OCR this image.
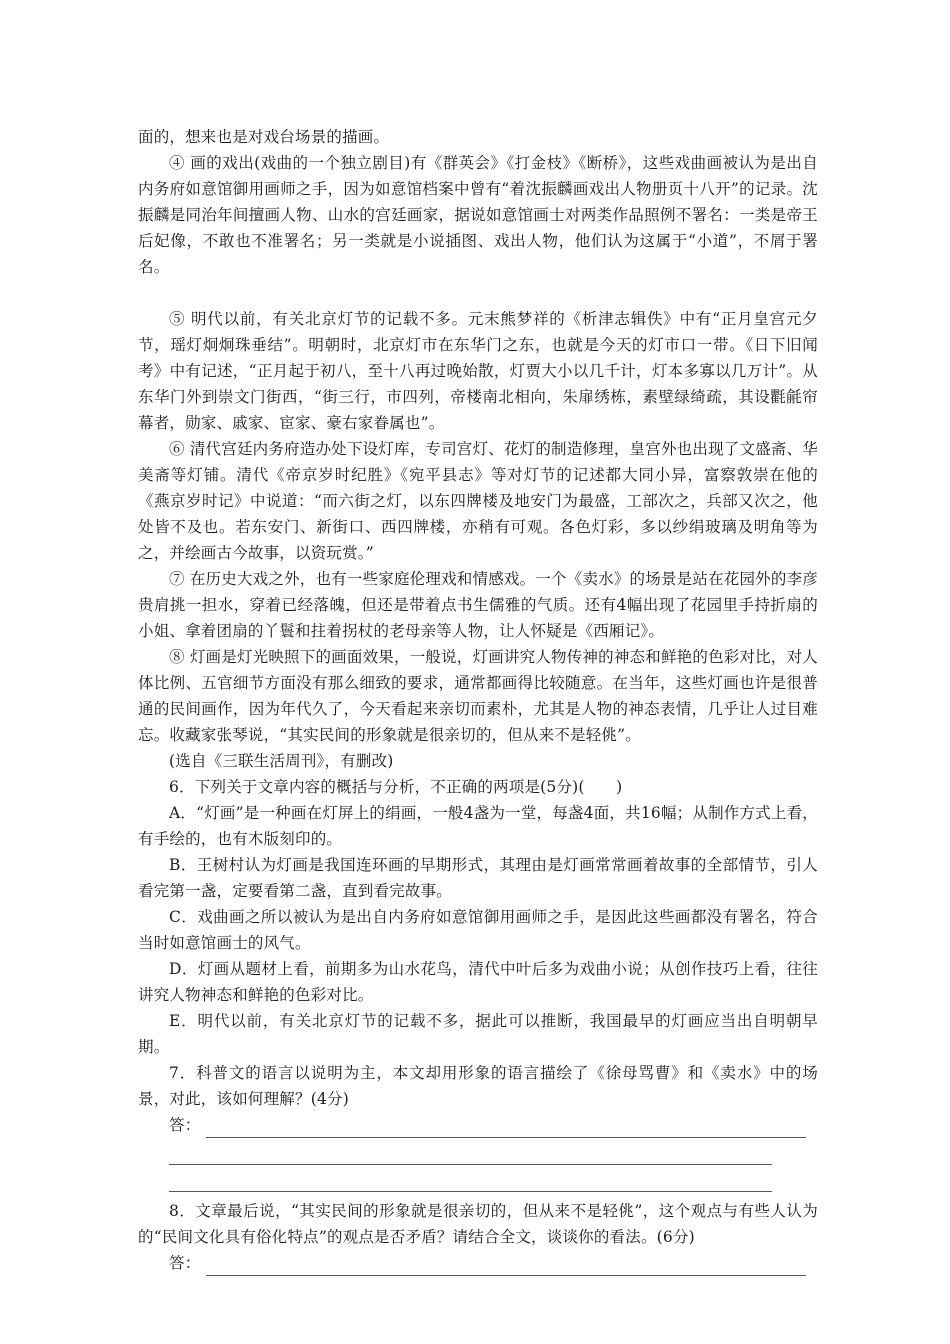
面的，想来也是对戏台场景的描画。

④ 画的戏出(戏曲的一个独立剧目)有《群英会》《打金枝》《断桥》，这些戏曲画被认为是出自内务府如意馆御用画师之手，因为如意馆档案中曾有“着沈振麟画戏出人物册页十八开”的记录。沈振麟是同治年间擅画人物、山水的宫廷画家，据说如意馆画士对两类作品照例不署名：一类是帝王后妃像，不敢也不准署名；另一类就是小说插图、戏出人物，他们认为这属于“小道”，不屑于署名。

⑤ 明代以前，有关北京灯节的记载不多。元末熊梦祥的《析津志辑佚》中有“正月皇宫元夕节，瑶灯炯炯珠垂结”。明朝时，北京灯市在东华门之东，也就是今天的灯市口一带。《日下旧闻考》中有记述，“正月起于初八，至十八再过晚始散，灯贾大小以几千计，灯本多寡以几万计”。从东华门外到崇文门街西，“街三行，市四列，帝楼南北相向，朱扉绣栋，素壁绿绮疏，其设氍毹帘幕者，勋家、戚家、宦家、豪右家眷属也”。

⑥ 清代宫廷内务府造办处下设灯库，专司宫灯、花灯的制造修理，皇宫外也出现了文盛斋、华美斋等灯铺。清代《帝京岁时纪胜》《宛平县志》等对灯节的记述都大同小异，富察敦崇在他的《燕京岁时记》中说道：“而六街之灯，以东四牌楼及地安门为最盛，工部次之，兵部又次之，他处皆不及也。若东安门、新街口、西四牌楼，亦稍有可观。各色灯彩，多以纱绢玻璃及明角等为之，并绘画古今故事，以资玩赏。”

⑦ 在历史大戏之外，也有一些家庭伦理戏和情感戏。一个《卖水》的场景是站在花园外的李彦贵肩挑一担水，穿着已经落魄，但还是带着点书生儒雅的气质。还有4幅出现了花园里手持折扇的小姐、拿着团扇的丫鬟和拄着拐杖的老母亲等人物，让人怀疑是《西厢记》。

⑧ 灯画是灯光映照下的画面效果，一般说，灯画讲究人物传神的神态和鲜艳的色彩对比，对人体比例、五官细节方面没有那么细致的要求，通常都画得比较随意。在当年，这些灯画也许是很普通的民间画作，因为年代久了，今天看起来亲切而素朴，尤其是人物的神态表情，几乎让人过目难忘。收藏家张琴说，“其实民间的形象就是很亲切的，但从来不是轻佻”。

(选自《三联生活周刊》，有删改)

6．下列关于文章内容的概括与分析，不正确的两项是(5分)(　　)

A．“灯画”是一种画在灯屏上的绢画，一般4盏为一堂，每盏4面，共16幅；从制作方式上看，有手绘的，也有木版刻印的。

B．王树村认为灯画是我国连环画的早期形式，其理由是灯画常常画着故事的全部情节，引人看完第一盏，定要看第二盏，直到看完故事。

C．戏曲画之所以被认为是出自内务府如意馆御用画师之手，是因此这些画都没有署名，符合当时如意馆画士的风气。

D．灯画从题材上看，前期多为山水花鸟，清代中叶后多为戏曲小说；从创作技巧上看，往往讲究人物神态和鲜艳的色彩对比。

E．明代以前，有关北京灯节的记载不多，据此可以推断，我国最早的灯画应当出自明朝早期。

7．科普文的语言以说明为主，本文却用形象的语言描绘了《徐母骂曹》和《卖水》中的场景，对此，该如何理解？(4分)

答：

8．文章最后说，“其实民间的形象就是很亲切的，但从来不是轻佻”，这个观点与有些人认为的“民间文化具有俗化特点”的观点是否矛盾？请结合全文，谈谈你的看法。(6分)

答：
